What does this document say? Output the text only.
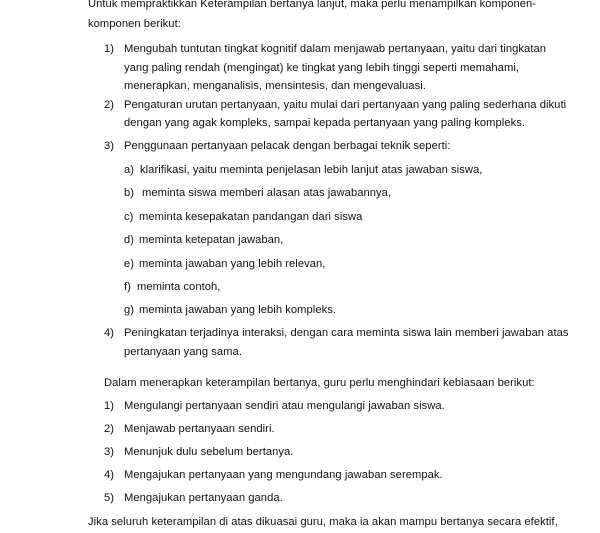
Untuk mempraktikkan Keterampilan bertanya lanjut, maka perlu menampilkan komponen-
komponen berikut:
1) Mengubah tuntutan tingkat kognitif dalam menjawab pertanyaan, yaitu dari tingkatan
yang paling rendah (mengingat) ke tingkat yang lebih tinggi seperti memahami,
menerapkan, menganalisis, mensintesis, dan mengevaluasi.
2) Pengaturan urutan pertanyaan, yaitu mulai dari pertanyaan yang paling sederhana dikuti
dengan yang agak kompleks, sampai kepada pertanyaan yang paling kompleks.
3) Penggunaan pertanyaan pelacak dengan berbagai teknik seperti:
a) klarifikasi, yaitu meminta penjelasan lebih lanjut atas jawaban siswa,
b) meminta siswa memberi alasan atas jawabannya,
c) meminta kesepakatan pandangan dari siswa
d) meminta ketepatan jawaban,
e) meminta jawaban yang lebih relevan,
f) meminta contoh,
g) meminta jawaban yang lebih kompleks.
4) Peningkatan terjadinya interaksi, dengan cara meminta siswa lain memberi jawaban atas
pertanyaan yang sama.
Dalam menerapkan keterampilan bertanya, guru perlu menghindari kebiasaan berikut:
1) Mengulangi pertanyaan sendiri atau mengulangi jawaban siswa.
2) Menjawab pertanyaan sendiri.
3) Menunjuk dulu sebelum bertanya.
4) Mengajukan pertanyaan yang mengundang jawaban serempak.
5) Mengajukan pertanyaan ganda.
Jika seluruh keterampilan di atas dikuasai guru, maka ia akan mampu bertanya secara efektif,
